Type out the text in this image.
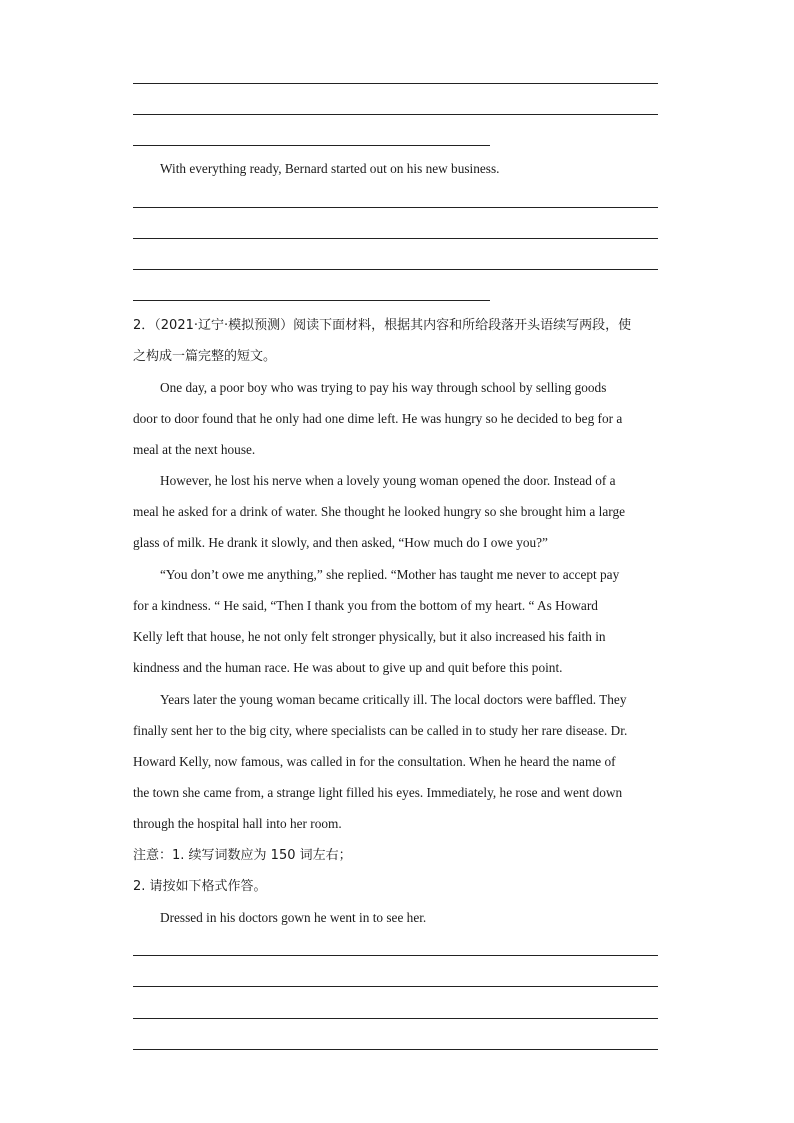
With everything ready, Bernard started out on his new business.
2．（2021·辽宁·模拟预测）阅读下面材料，根据其内容和所给段落开头语续写两段，使
之构成一篇完整的短文。
One day, a poor boy who was trying to pay his way through school by selling goods
door to door found that he only had one dime left. He was hungry so he decided to beg for a
meal at the next house.
However, he lost his nerve when a lovely young woman opened the door. Instead of a
meal he asked for a drink of water. She thought he looked hungry so she brought him a large
glass of milk. He drank it slowly, and then asked, “How much do I owe you?”
“You don’t owe me anything,” she replied. “Mother has taught me never to accept pay
for a kindness. “ He said, “Then I thank you from the bottom of my heart. “ As Howard
Kelly left that house, he not only felt stronger physically, but it also increased his faith in
kindness and the human race. He was about to give up and quit before this point.
Years later the young woman became critically ill. The local doctors were baffled. They
finally sent her to the big city, where specialists can be called in to study her rare disease. Dr.
Howard Kelly, now famous, was called in for the consultation. When he heard the name of
the town she came from, a strange light filled his eyes. Immediately, he rose and went down
through the hospital hall into her room.
注意：1. 续写词数应为 150 词左右；
2. 请按如下格式作答。
Dressed in his doctors gown he went in to see her.
